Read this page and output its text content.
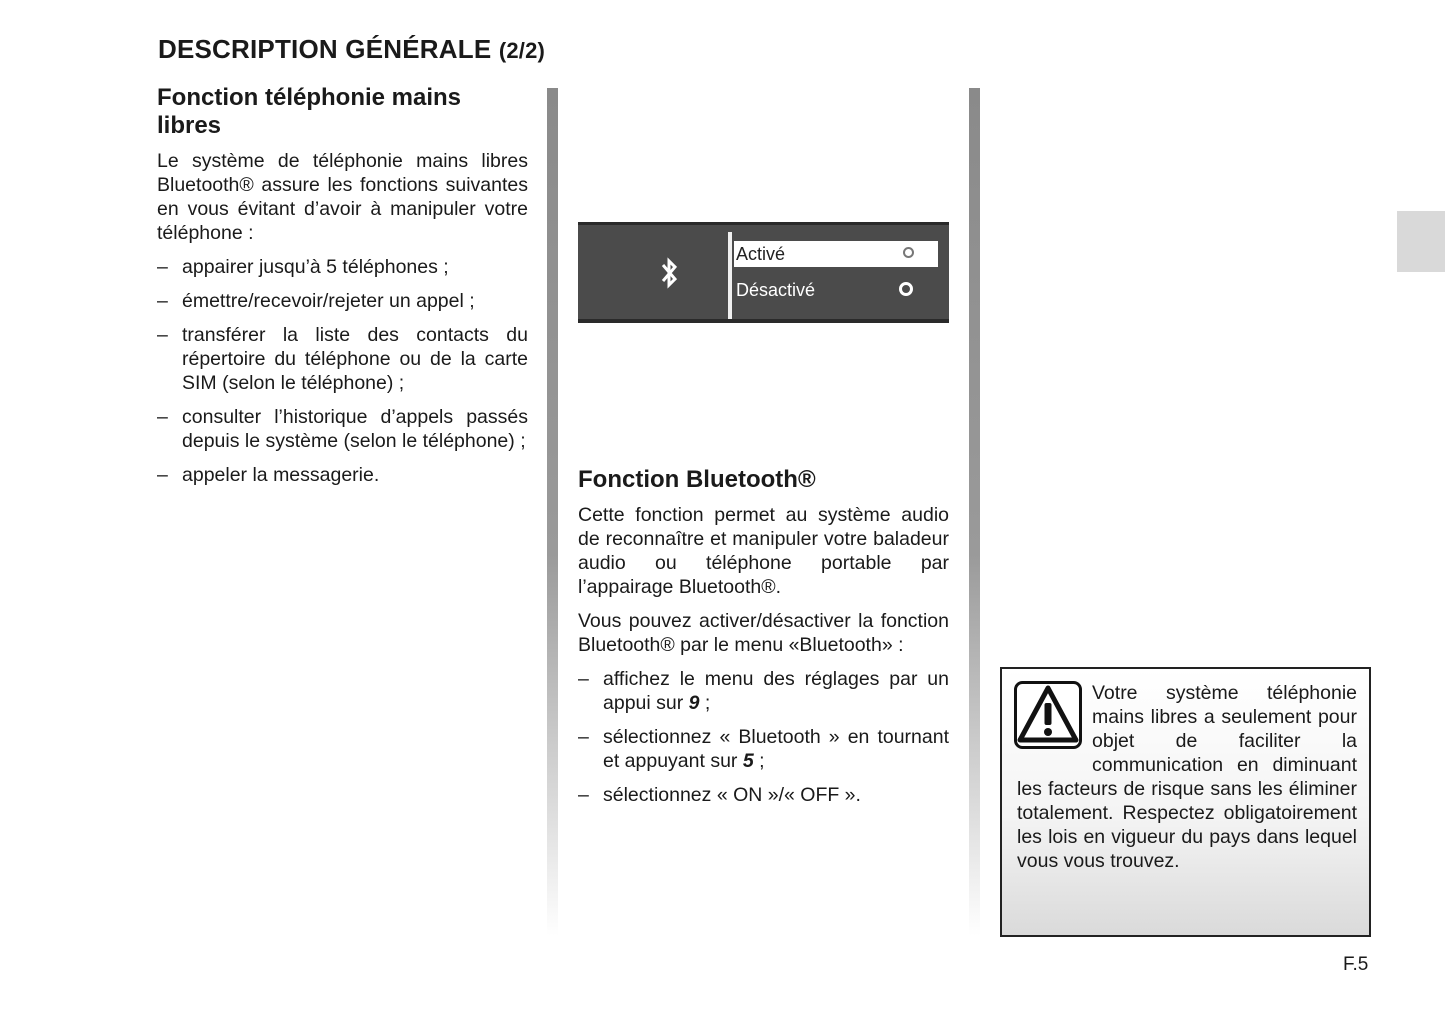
DESCRIPTION GÉNÉRALE (2/2)
Fonction téléphonie mains libres

Le système de téléphonie mains libres Bluetooth® assure les fonctions suivantes en vous évitant d’avoir à manipuler votre téléphone :

– appairer jusqu’à 5 téléphones ;
– émettre/recevoir/rejeter un appel ;
– transférer la liste des contacts du répertoire du téléphone ou de la carte SIM (selon le téléphone) ;
– consulter l’historique d’appels passés depuis le système (selon le téléphone) ;
– appeler la messagerie.
Activé
Désactivé
Fonction Bluetooth®

Cette fonction permet au système audio de reconnaître et manipuler votre baladeur audio ou téléphone portable par l’appairage Bluetooth®.

Vous pouvez activer/désactiver la fonction Bluetooth® par le menu «Bluetooth» :

– affichez le menu des réglages par un appui sur 9 ;
– sélectionnez « Bluetooth » en tournant et appuyant sur 5 ;
– sélectionnez « ON »/« OFF ».

Votre système téléphonie mains libres a seulement pour objet de faciliter la communication en diminuant les facteurs de risque sans les éliminer totalement. Respectez obligatoirement les lois en vigueur du pays dans lequel vous vous trouvez.

F.5
